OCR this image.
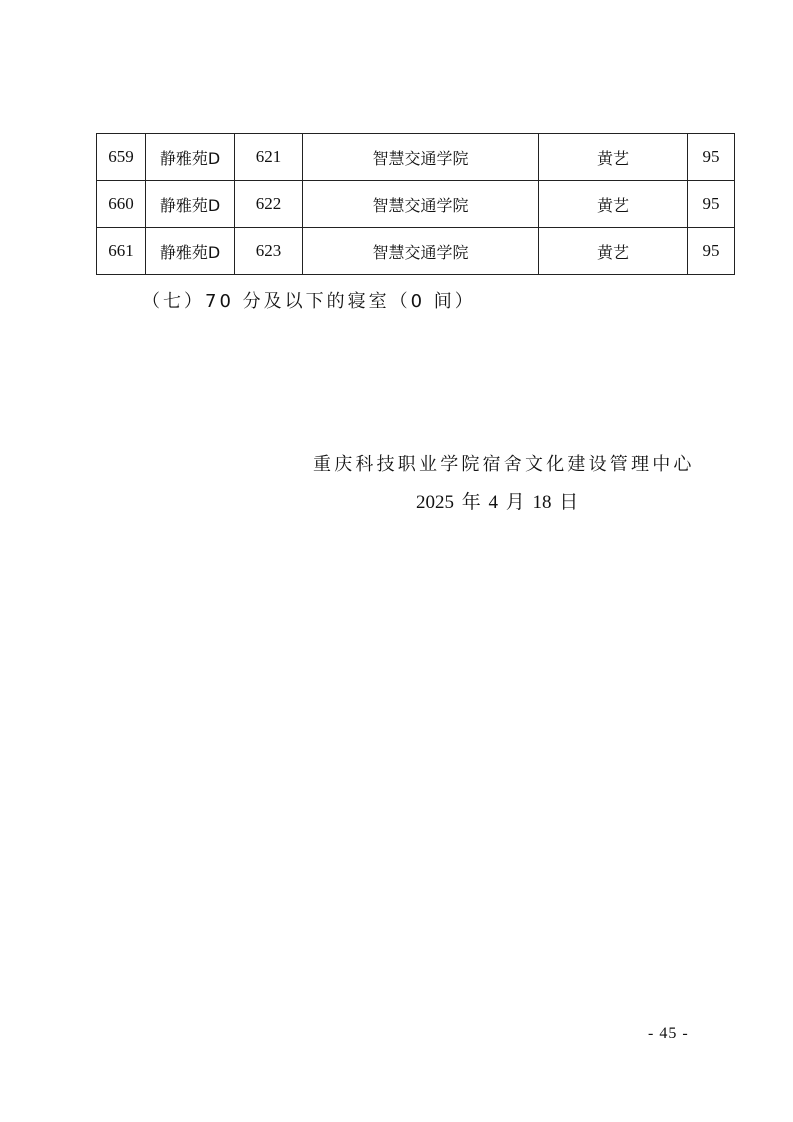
659	静雅苑D	621	智慧交通学院	黄艺	95
660	静雅苑D	622	智慧交通学院	黄艺	95
661	静雅苑D	623	智慧交通学院	黄艺	95
（七）70 分及以下的寝室（0 间）
重庆科技职业学院宿舍文化建设管理中心
2025 年 4 月 18 日
- 45 -
